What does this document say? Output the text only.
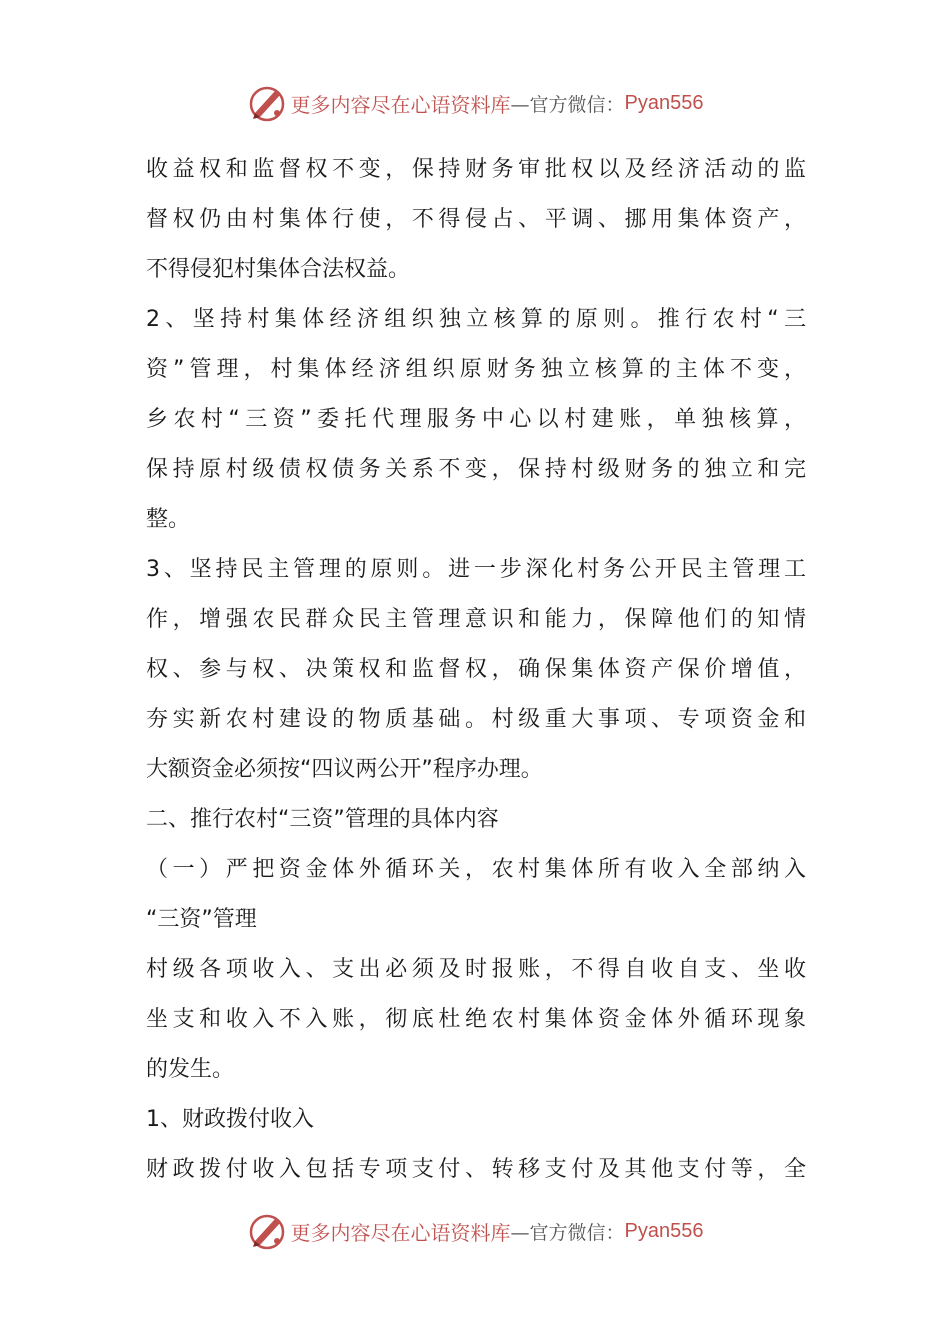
更多内容尽在心语资料库 —官方微信： Pyan556
收益权和监督权不变，保持财务审批权以及经济活动的监
督权仍由村集体行使，不得侵占、平调、挪用集体资产，
不得侵犯村集体合法权益。
2、坚持村集体经济组织独立核算的原则。推行农村“三
资”管理，村集体经济组织原财务独立核算的主体不变，
乡农村“三资”委托代理服务中心以村建账，单独核算，
保持原村级债权债务关系不变，保持村级财务的独立和完
整。
3、坚持民主管理的原则。进一步深化村务公开民主管理工
作，增强农民群众民主管理意识和能力，保障他们的知情
权、参与权、决策权和监督权，确保集体资产保价增值，
夯实新农村建设的物质基础。村级重大事项、专项资金和
大额资金必须按“四议两公开”程序办理。
二、推行农村“三资”管理的具体内容
（一）严把资金体外循环关，农村集体所有收入全部纳入
“三资”管理
村级各项收入、支出必须及时报账，不得自收自支、坐收
坐支和收入不入账，彻底杜绝农村集体资金体外循环现象
的发生。
1、财政拨付收入
财政拨付收入包括专项支付、转移支付及其他支付等，全
更多内容尽在心语资料库 —官方微信： Pyan556
